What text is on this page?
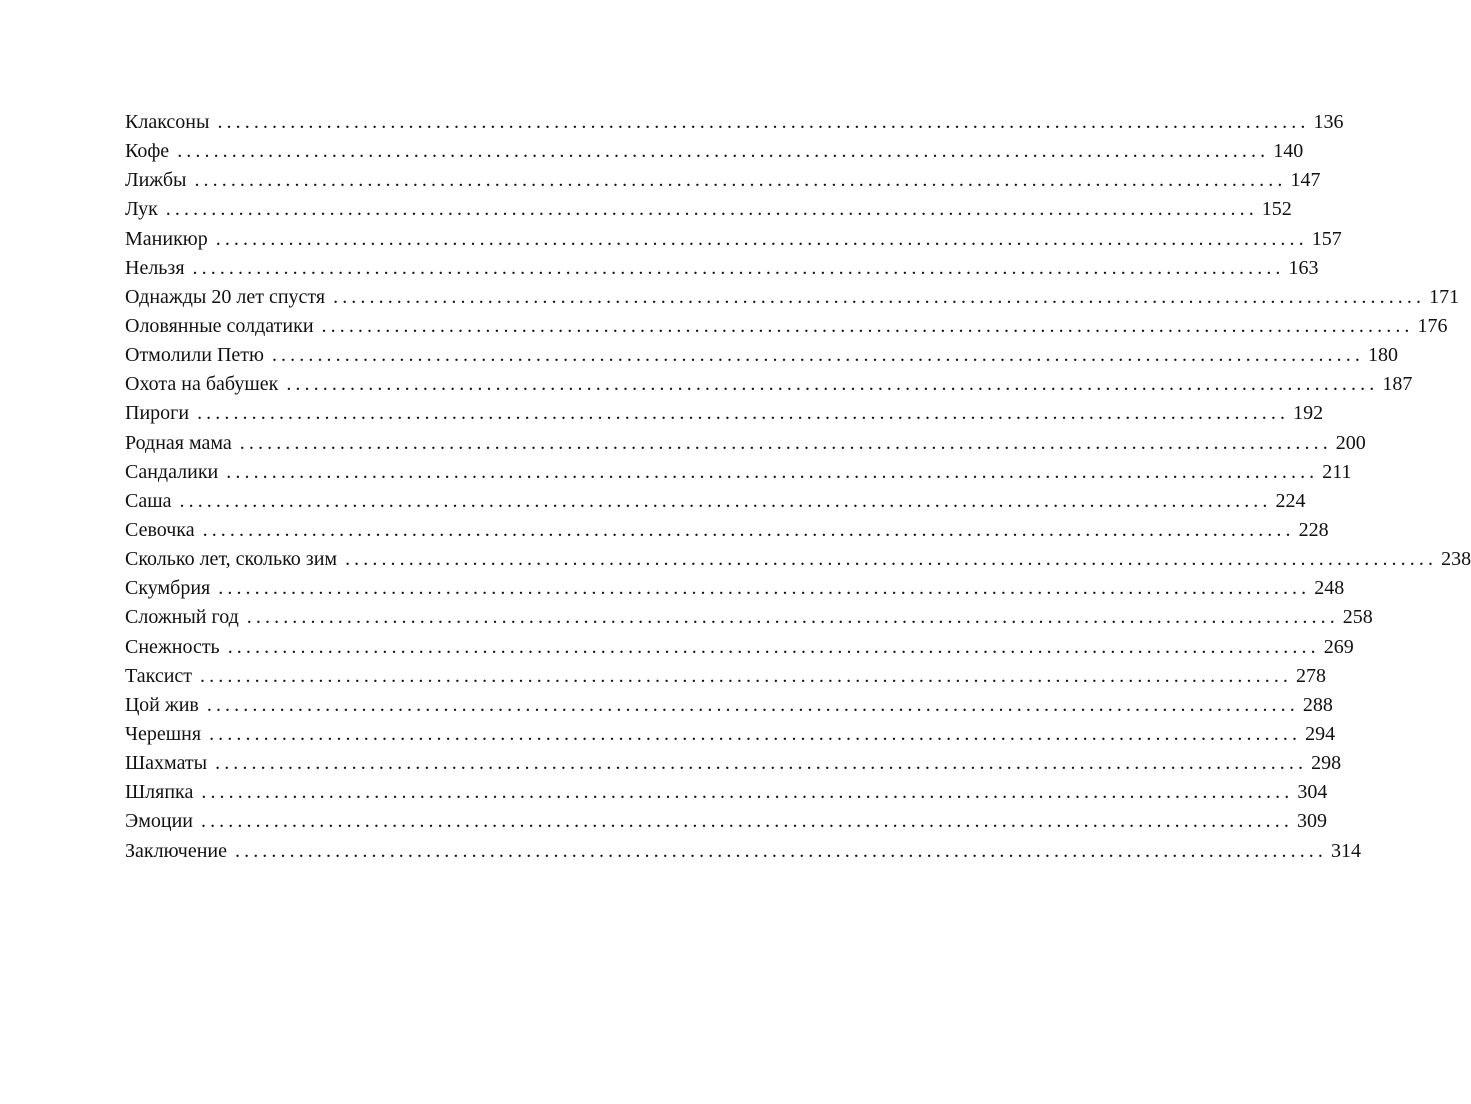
Клаксоны ........................................................................................................................ 136
Кофе ........................................................................................................................ 140
Лижбы ........................................................................................................................ 147
Лук ........................................................................................................................ 152
Маникюр ........................................................................................................................ 157
Нельзя ........................................................................................................................ 163
Однажды 20 лет спустя ........................................................................................................................ 171
Оловянные солдатики ........................................................................................................................ 176
Отмолили Петю ........................................................................................................................ 180
Охота на бабушек ........................................................................................................................ 187
Пироги ........................................................................................................................ 192
Родная мама ........................................................................................................................ 200
Сандалики ........................................................................................................................ 211
Саша ........................................................................................................................ 224
Севочка ........................................................................................................................ 228
Сколько лет, сколько зим ........................................................................................................................ 238
Скумбрия ........................................................................................................................ 248
Сложный год ........................................................................................................................ 258
Снежность ........................................................................................................................ 269
Таксист ........................................................................................................................ 278
Цой жив ........................................................................................................................ 288
Черешня ........................................................................................................................ 294
Шахматы ........................................................................................................................ 298
Шляпка ........................................................................................................................ 304
Эмоции ........................................................................................................................ 309
Заключение ........................................................................................................................ 314
